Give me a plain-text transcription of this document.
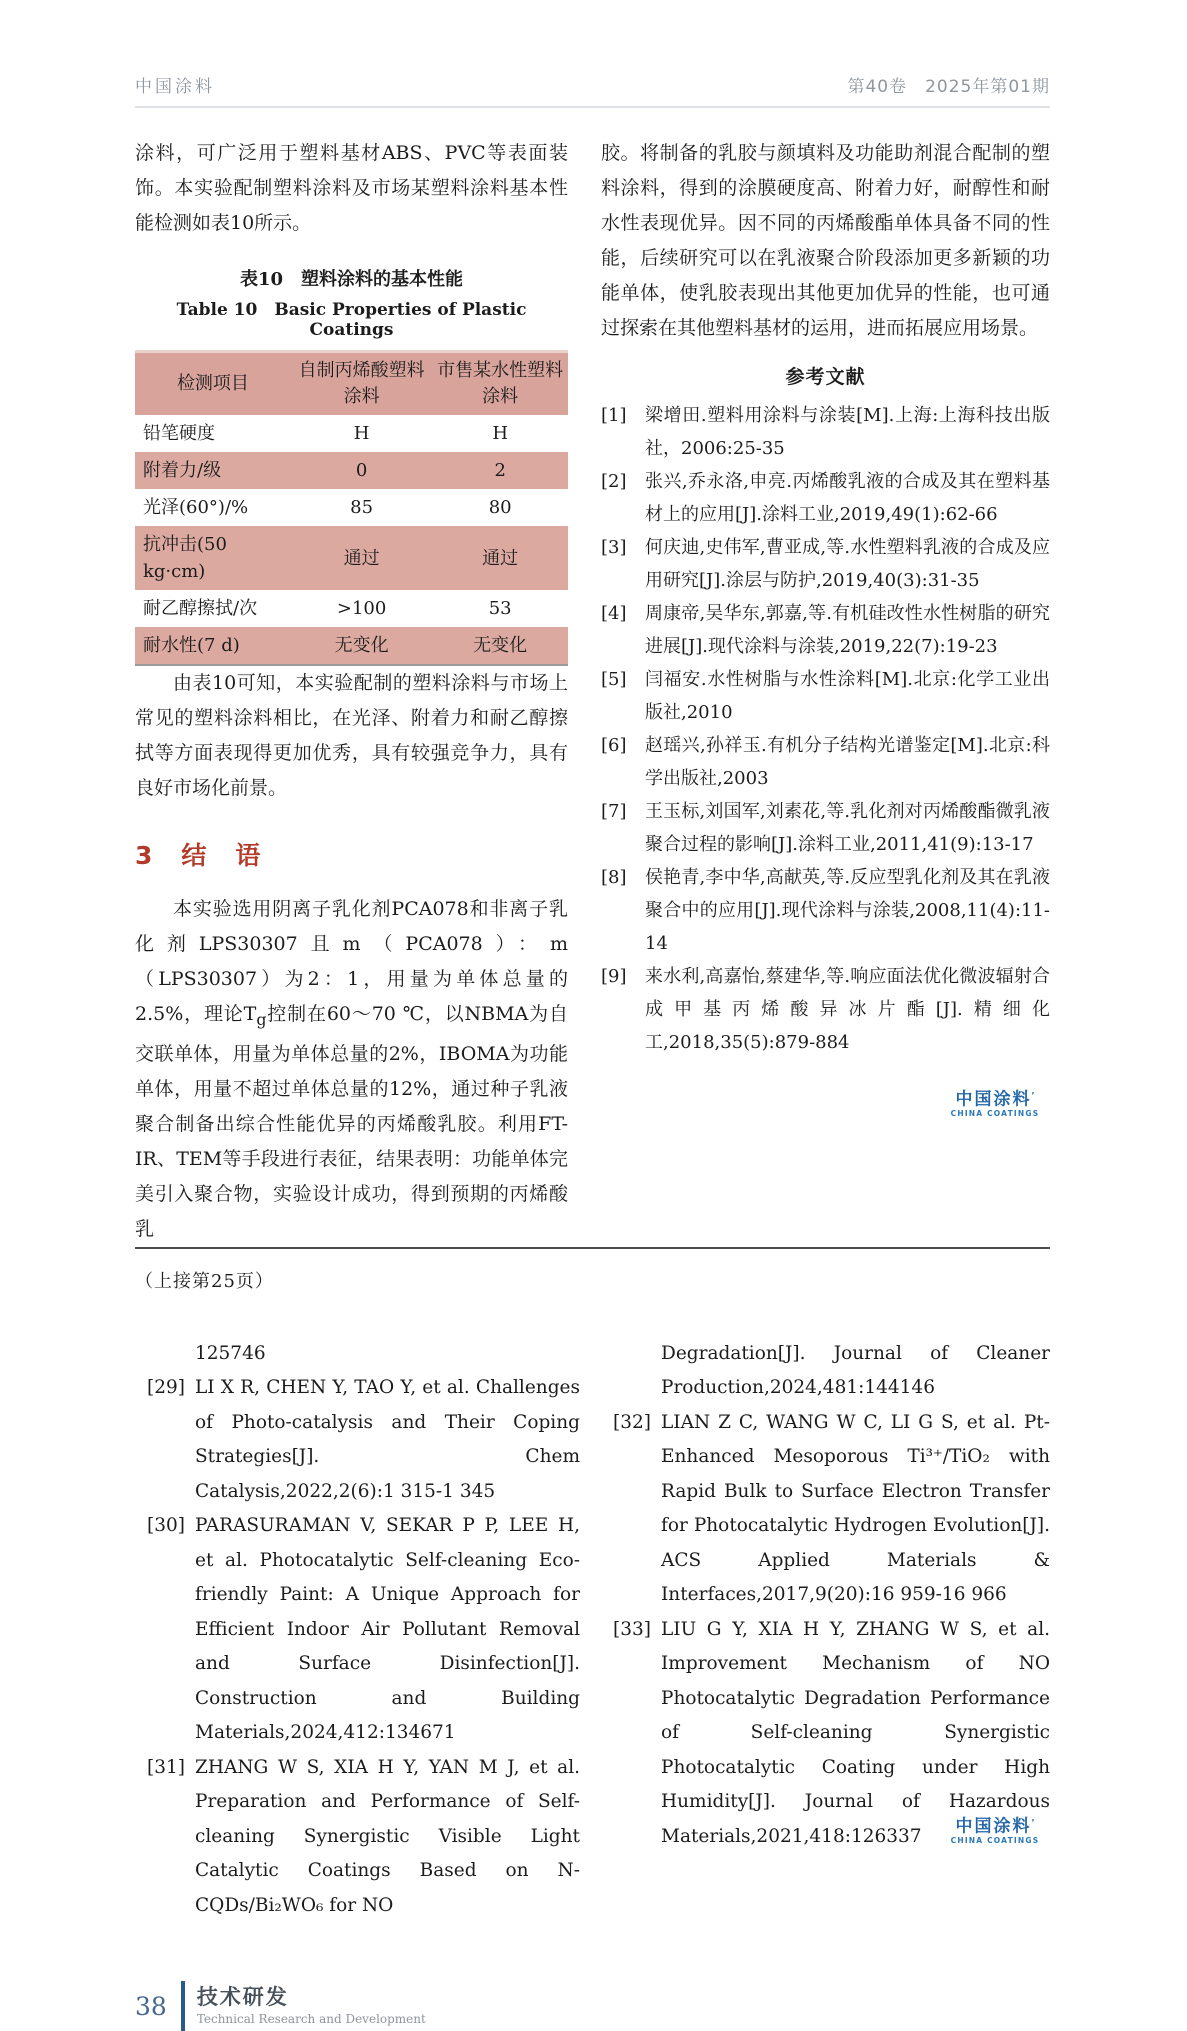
中国涂料	第40卷　2025年第01期

涂料，可广泛用于塑料基材ABS、PVC等表面装饰。本实验配制塑料涂料及市场某塑料涂料基本性能检测如表10所示。

表10　塑料涂料的基本性能
Table 10　Basic Properties of Plastic Coatings
检测项目	自制丙烯酸塑料涂料	市售某水性塑料涂料
铅笔硬度	H	H
附着力/级	0	2
光泽(60°)/%	85	80
抗冲击(50 kg·cm)	通过	通过
耐乙醇擦拭/次	>100	53
耐水性(7 d)	无变化	无变化

由表10可知，本实验配制的塑料涂料与市场上常见的塑料涂料相比，在光泽、附着力和耐乙醇擦拭等方面表现得更加优秀，具有较强竞争力，具有良好市场化前景。

3　结　语

本实验选用阴离子乳化剂PCA078和非离子乳化剂LPS30307且m（PCA078）：m（LPS30307）为2：1，用量为单体总量的2.5%，理论$T_g$控制在60～70 ℃，以NBMA为自交联单体，用量为单体总量的2%，IBOMA为功能单体，用量不超过单体总量的12%，通过种子乳液聚合制备出综合性能优异的丙烯酸乳胶。利用FT-IR、TEM等手段进行表征，结果表明：功能单体完美引入聚合物，实验设计成功，得到预期的丙烯酸乳

胶。将制备的乳胶与颜填料及功能助剂混合配制的塑料涂料，得到的涂膜硬度高、附着力好，耐醇性和耐水性表现优异。因不同的丙烯酸酯单体具备不同的性能，后续研究可以在乳液聚合阶段添加更多新颖的功能单体，使乳胶表现出其他更加优异的性能，也可通过探索在其他塑料基材的运用，进而拓展应用场景。

参考文献
[1] 梁增田.塑料用涂料与涂装[M].上海:上海科技出版社，2006:25-35
[2] 张兴,乔永洛,申亮.丙烯酸乳液的合成及其在塑料基材上的应用[J].涂料工业,2019,49(1):62-66
[3] 何庆迪,史伟军,曹亚成,等.水性塑料乳液的合成及应用研究[J].涂层与防护,2019,40(3):31-35
[4] 周康帝,吴华东,郭嘉,等.有机硅改性水性树脂的研究进展[J].现代涂料与涂装,2019,22(7):19-23
[5] 闫福安.水性树脂与水性涂料[M].北京:化学工业出版社,2010
[6] 赵瑶兴,孙祥玉.有机分子结构光谱鉴定[M].北京:科学出版社,2003
[7] 王玉标,刘国军,刘素花,等.乳化剂对丙烯酸酯微乳液聚合过程的影响[J].涂料工业,2011,41(9):13-17
[8] 侯艳青,李中华,高献英,等.反应型乳化剂及其在乳液聚合中的应用[J].现代涂料与涂装,2008,11(4):11-14
[9] 来水利,高嘉怡,蔡建华,等.响应面法优化微波辐射合成甲基丙烯酸异冰片酯[J].精细化工,2018,35(5):879-884
中国涂料’
CHINA COATINGS
（上接第25页）
125746
[29] LI X R, CHEN Y, TAO Y, et al. Challenges of Photo-catalysis and Their Coping Strategies[J]. Chem Catalysis,2022,2(6):1 315-1 345
[30] PARASURAMAN V, SEKAR P P, LEE H, et al. Photocatalytic Self-cleaning Eco-friendly Paint: A Unique Approach for Efficient Indoor Air Pollutant Removal and Surface Disinfection[J]. Construction and Building Materials,2024,412:134671
[31] ZHANG W S, XIA H Y, YAN M J, et al. Preparation and Performance of Self-cleaning Synergistic Visible Light Catalytic Coatings Based on N-CQDs/Bi₂WO₆ for NO
Degradation[J]. Journal of Cleaner Production,2024,481:144146
[32] LIAN Z C, WANG W C, LI G S, et al. Pt-Enhanced Mesoporous Ti³⁺/TiO₂ with Rapid Bulk to Surface Electron Transfer for Photocatalytic Hydrogen Evolution[J]. ACS Applied Materials & Interfaces,2017,9(20):16 959-16 966
[33] LIU G Y, XIA H Y, ZHANG W S, et al. Improvement Mechanism of NO Photocatalytic Degradation Performance of Self-cleaning Synergistic Photocatalytic Coating under High Humidity[J]. Journal of Hazardous Materials,2021,418:126337	中国涂料’
CHINA COATINGS
38 技术研发
Technical Research and Development
